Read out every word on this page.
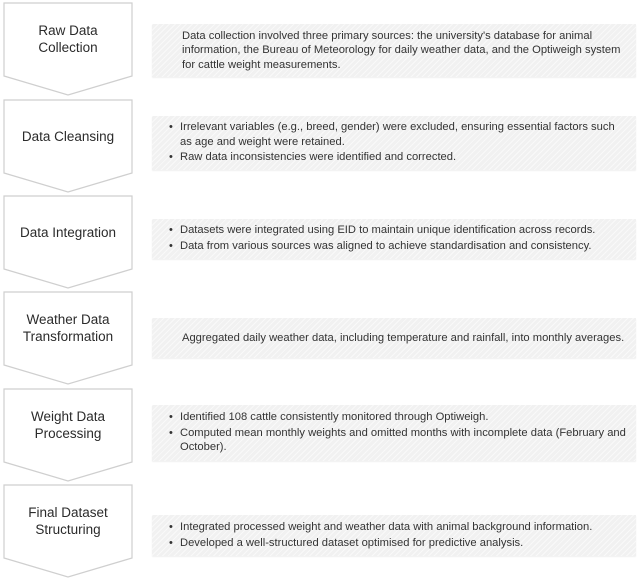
Raw Data Collection

Data collection involved three primary sources: the university's database for animal information, the Bureau of Meteorology for daily weather data, and the Optiweigh system for cattle weight measurements.

Data Cleansing
• Irrelevant variables (e.g., breed, gender) were excluded, ensuring essential factors such as age and weight were retained.
• Raw data inconsistencies were identified and corrected.
Data Integration	• Datasets were integrated using EID to maintain unique identification across records.
• Data from various sources was aligned to achieve standardisation and consistency.
Weather Data Transformation	Aggregated daily weather data, including temperature and rainfall, into monthly averages.

Weight Data Processing
• Identified 108 cattle consistently monitored through Optiweigh.
• Computed mean monthly weights and omitted months with incomplete data (February and October).
Final Dataset Structuring	• Integrated processed weight and weather data with animal background information.
• Developed a well-structured dataset optimised for predictive analysis.
